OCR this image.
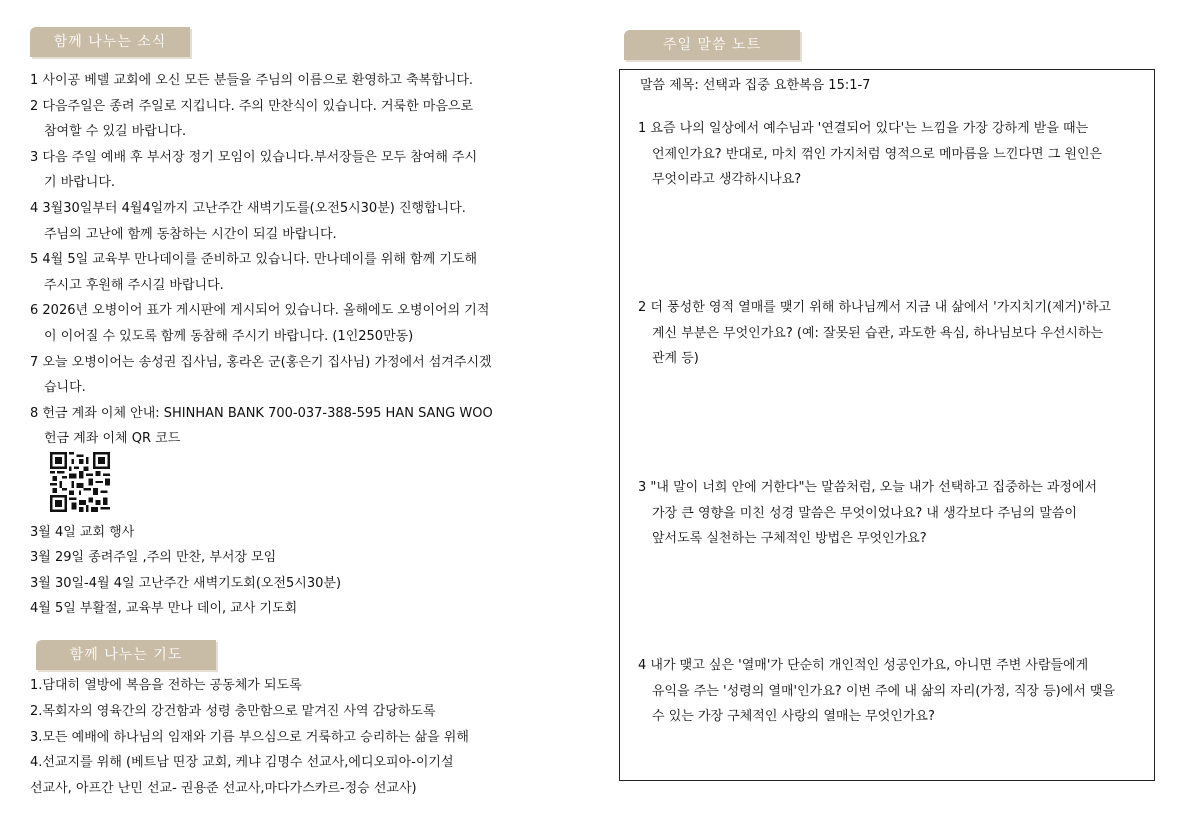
함께 나누는 소식

1 사이공 베델 교회에 오신 모든 분들을 주님의 이름으로 환영하고 축복합니다.

2 다음주일은 종려 주일로 지킵니다. 주의 만찬식이 있습니다. 거룩한 마음으로

참여할 수 있길 바랍니다.

3 다음 주일 예배 후 부서장 정기 모임이 있습니다.부서장들은 모두 참여해 주시

기 바랍니다.

4 3월30일부터 4월4일까지 고난주간 새벽기도를(오전5시30분) 진행합니다.

주님의 고난에 함께 동참하는 시간이 되길 바랍니다.

5 4월 5일 교육부 만나데이를 준비하고 있습니다. 만나데이를 위해 함께 기도해

주시고 후원해 주시길 바랍니다.

6 2026년 오병이어 표가 게시판에 게시되어 있습니다. 올해에도 오병이어의 기적

이 이어질 수 있도록 함께 동참해 주시기 바랍니다. (1인250만동)

7 오늘 오병이어는 송성권 집사님, 홍라온 군(홍은기 집사님) 가정에서 섬겨주시겠

습니다.

8 헌금 계좌 이체 안내: SHINHAN BANK 700-037-388-595 HAN SANG WOO

헌금 계좌 이체 QR 코드

3월 4일 교회 행사

3월 29일 종려주일 ,주의 만찬, 부서장 모임

3월 30일-4월 4일 고난주간 새벽기도회(오전5시30분)

4월 5일 부활절, 교육부 만나 데이, 교사 기도회

함께 나누는 기도

1.담대히 열방에 복음을 전하는 공동체가 되도록

2.목회자의 영육간의 강건함과 성령 충만함으로 맡겨진 사역 감당하도록

3.모든 예배에 하나님의 임재와 기름 부으심으로 거룩하고 승리하는 삶을 위해

4.선교지를 위해 (베트남 띤장 교회, 케냐 김명수 선교사,에디오피아-이기설

선교사, 아프간 난민 선교- 권용준 선교사,마다가스카르-정승 선교사)

주일 말씀 노트
말씀 제목: 선택과 집중 요한복음 15:1-7

1 요즘 나의 일상에서 예수님과 '연결되어 있다'는 느낌을 가장 강하게 받을 때는

언제인가요? 반대로, 마치 꺾인 가지처럼 영적으로 메마름을 느낀다면 그 원인은

무엇이라고 생각하시나요?

2 더 풍성한 영적 열매를 맺기 위해 하나님께서 지금 내 삶에서 '가지치기(제거)'하고

계신 부분은 무엇인가요? (예: 잘못된 습관, 과도한 욕심, 하나님보다 우선시하는

관계 등)

3 "내 말이 너희 안에 거한다"는 말씀처럼, 오늘 내가 선택하고 집중하는 과정에서

가장 큰 영향을 미친 성경 말씀은 무엇이었나요? 내 생각보다 주님의 말씀이

앞서도록 실천하는 구체적인 방법은 무엇인가요?

4 내가 맺고 싶은 '열매'가 단순히 개인적인 성공인가요, 아니면 주변 사람들에게

유익을 주는 '성령의 열매'인가요? 이번 주에 내 삶의 자리(가정, 직장 등)에서 맺을

수 있는 가장 구체적인 사랑의 열매는 무엇인가요?
